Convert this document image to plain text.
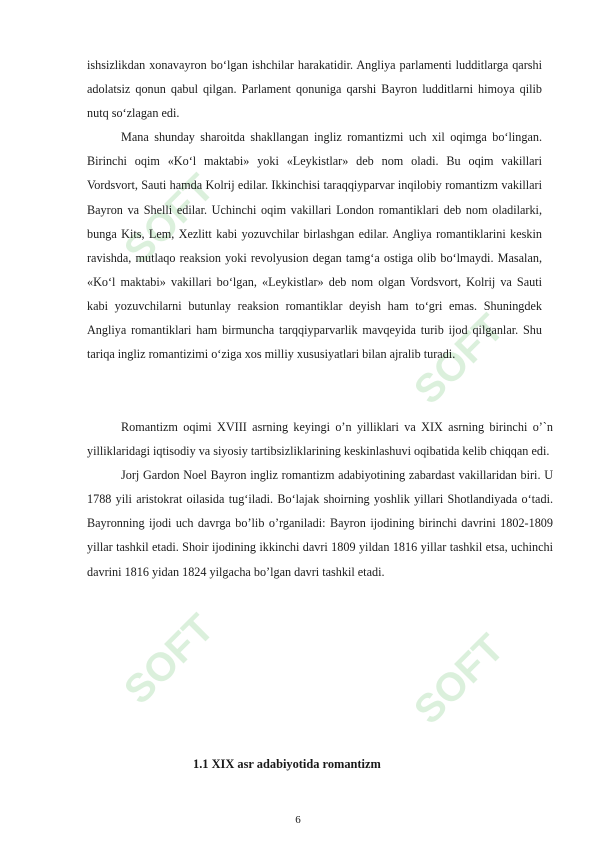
SOFT
SOFT
SOFT	SOFT

ishsizlikdan xonavayron boʻlgan ishchilar harakatidir. Angliya parlamenti ludditlarga qarshi adolatsiz qonun qabul qilgan. Parlament qonuniga qarshi Bayron ludditlarni himoya qilib nutq soʻzlagan edi.

Mana shunday sharoitda shakllangan ingliz romantizmi uch xil oqimga boʻlingan. Birinchi oqim «Koʻl maktabi» yoki «Leykistlar» deb nom oladi. Bu oqim vakillari Vordsvort, Sauti hamda Kolrij edilar. Ikkinchisi taraqqiyparvar inqilobiy romantizm vakillari Bayron va Shelli edilar. Uchinchi oqim vakillari London romantiklari deb nom oladilarki, bunga Kits, Lem, Xezlitt kabi yozuvchilar birlashgan edilar. Angliya romantiklarini keskin ravishda, mutlaqo reaksion yoki revolyusion degan tamgʻa ostiga olib boʻlmaydi. Masalan, «Koʻl maktabi» vakillari boʻlgan, «Leykistlar» deb nom olgan Vordsvort, Kolrij va Sauti kabi yozuvchilarni butunlay reaksion romantiklar deyish ham toʻgri emas. Shuningdek Angliya romantiklari ham birmuncha tarqqiyparvarlik mavqeyida turib ijod qilganlar. Shu tariqa ingliz romantizimi oʻziga xos milliy xususiyatlari bilan ajralib turadi.

Romantizm oqimi XVIII asrning keyingi o’n yilliklari va XIX asrning birinchi o’`n yilliklaridagi iqtisodiy va siyosiy tartibsizliklarining keskinlashuvi oqibatida kelib chiqqan edi.

Jorj Gardon Noel Bayron ingliz romantizm adabiyotining zabardast vakillaridan biri. U 1788 yili aristokrat oilasida tug‘iladi. Bo‘lajak shoirning yoshlik yillari Shotlandiyada o‘tadi. Bayronning ijodi uch davrga bo’lib o’rganiladi: Bayron ijodining birinchi davrini 1802-1809 yillar tashkil etadi. Shoir ijodining ikkinchi davri 1809 yildan 1816 yillar tashkil etsa, uchinchi davrini 1816 yidan 1824 yilgacha bo’lgan davri tashkil etadi.

1.1 XIX asr adabiyotida romantizm
6
